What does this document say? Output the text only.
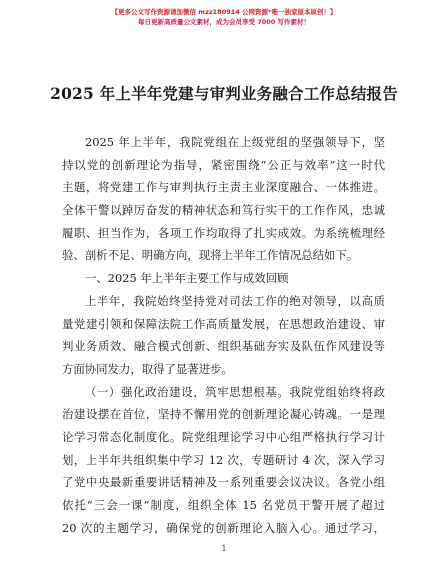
【更多公文写作资源请加微信 mzz180914 公网资源*唯一独家原本原创！】
每日更新高质量公文素材，成为会员享受 7000 写作素材！
2025 年上半年党建与审判业务融合工作总结报告
2025 年上半年，我院党组在上级党组的坚强领导下，坚
持以党的创新理论为指导，紧密围绕“公正与效率”这一时代
主题，将党建工作与审判执行主责主业深度融合、一体推进。
全体干警以踔厉奋发的精神状态和笃行实干的工作作风，忠诚
履职、担当作为，各项工作均取得了扎实成效。为系统梳理经
验、剖析不足、明确方向，现将上半年工作情况总结如下。
一、2025 年上半年主要工作与成效回顾
上半年，我院始终坚持党对司法工作的绝对领导，以高质
量党建引领和保障法院工作高质量发展，在思想政治建设、审
判业务质效、融合模式创新、组织基础夯实及队伍作风建设等
方面协同发力，取得了显著进步。
（一）强化政治建设，筑牢思想根基。我院党组始终将政
治建设摆在首位，坚持不懈用党的创新理论凝心铸魂。一是理
论学习常态化制度化。院党组理论学习中心组严格执行学习计
划，上半年共组织集中学习 12 次，专题研讨 4 次，深入学习
了党中央最新重要讲话精神及一系列重要会议决议。各党小组
依托“三会一课”制度，组织全体 15 名党员干警开展了超过
20 次的主题学习，确保党的创新理论入脑入心。通过学习，
1
